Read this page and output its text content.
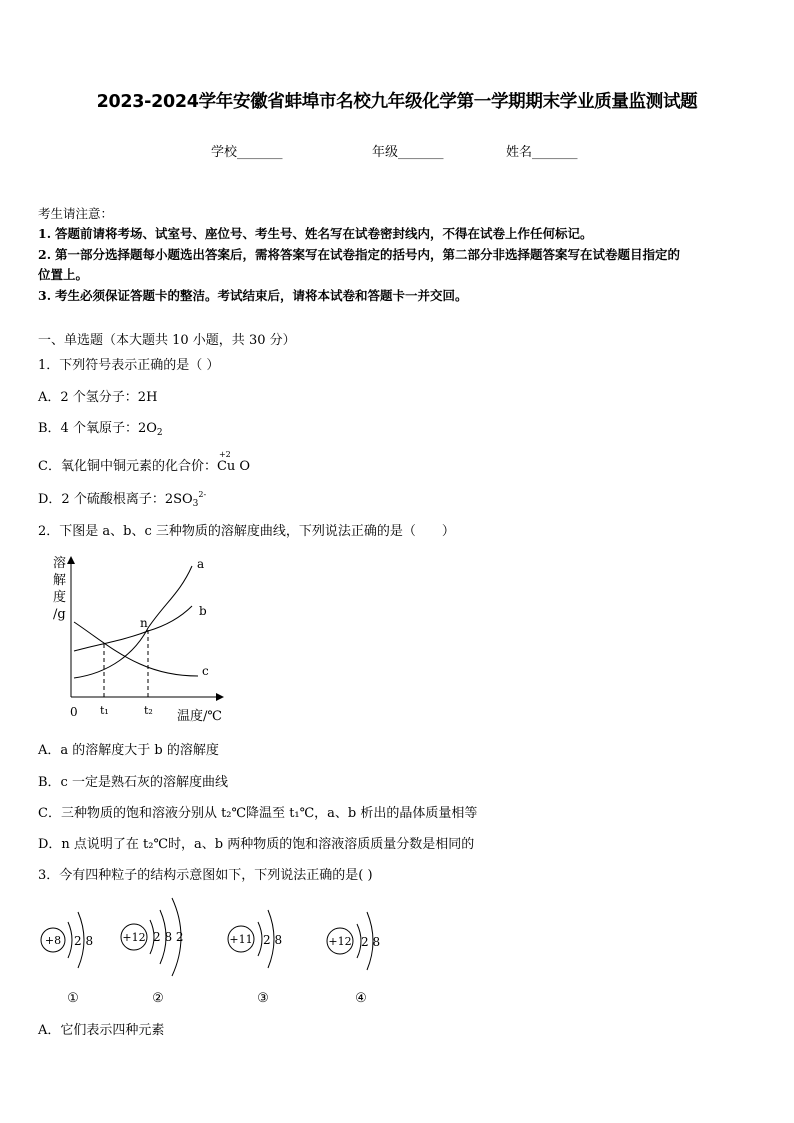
2023-2024学年安徽省蚌埠市名校九年级化学第一学期期末学业质量监测试题
学校_______	年级_______	姓名_______
考生请注意：
1. 答题前请将考场、试室号、座位号、考生号、姓名写在试卷密封线内，不得在试卷上作任何标记。
2. 第一部分选择题每小题选出答案后，需将答案写在试卷指定的括号内，第二部分非选择题答案写在试卷题目指定的
位置上。
3. 考生必须保证答题卡的整洁。考试结束后，请将本试卷和答题卡一并交回。
一、单选题（本大题共 10 小题，共 30 分）
1．下列符号表示正确的是（ ）
A．2 个氢分子：2H
B．4 个氧原子：$2O_2$
C．氧化铜中铜元素的化合价：
+2
Cu O
D．2 个硫酸根离子：$2SO_3^{2-}$
2．下图是 a、b、c 三种物质的溶解度曲线，下列说法正确的是（　　）
溶
解
度
/g
a
b
c
n
0 t₁	t₂ 温度/℃
A．a 的溶解度大于 b 的溶解度
B．c 一定是熟石灰的溶解度曲线
C．三种物质的饱和溶液分别从 t₂℃降温至 t₁℃，a、b 析出的晶体质量相等
D．n 点说明了在 t₂℃时，a、b 两种物质的饱和溶液溶质质量分数是相同的
3．今有四种粒子的结构示意图如下，下列说法正确的是( )
+8 2 8
①
+12 2 8 2
②
+11 2 8
③
+12 2 8
④
A．它们表示四种元素
